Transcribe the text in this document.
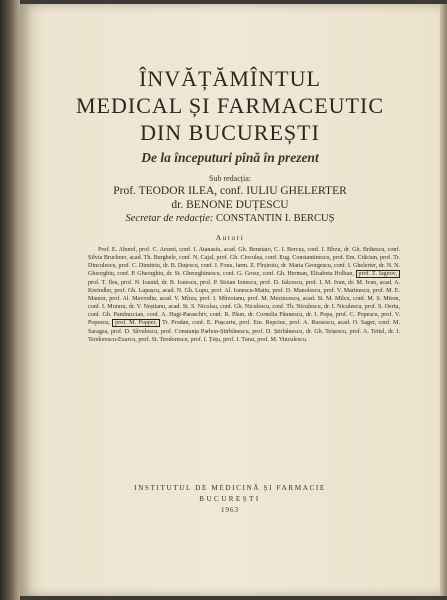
ÎNVĂȚĂMÎNTUL
MEDICAL ȘI FARMACEUTIC
DIN BUCUREȘTI
De la începuturi pînă în prezent
Sub redacția:
Prof. TEODOR ILEA, conf. IULIU GHELERTER
dr. BENONE DUȚESCU
Secretar de redacție: CONSTANTIN I. BERCUȘ
Autori
Prof. E. Aburel, prof. C. Arseni, conf. I. Atanasiu, acad. Gh. Benetato, C. I. Bercuș, conf. I. Bîrzu, dr. Gh. Brătescu, conf. Silvia Bruckner, acad. Th. Burghele, conf. N. Cajal, prof. Gh. Cioculea, conf. Eug. Constantinescu, prof. Em. Crăciun, prof. Tr. Dinculescu, prof. C. Dimitriu, dr. B. Duțescu, conf. I. Fonu, farm. Z. Fîrșirotu, dr. Maria Georgescu, conf. I. Ghelerter, dr. N. N. Gheorghiu, conf. P. Gheorghiu, dr. St. Gheorghinescu, conf. G. Grosz, conf. Gh. Herman, Elisabeta Holban, prof. Z. Iagnov, prof. T. Ilea, prof. N. Ioanid, dr. B. Ionescu, prof. P. Stoian Ionescu, prof. D. Isăcescu, prof. I. M. Ivan, dr. M. Ivan, acad. A. Kreindler, prof. Gh. Lupașcu, acad. N. Gh. Lupu, prof. Al. Ionescu-Matiu, prof. D. Manolescu, prof. V. Marinescu, prof. M. E. Maurer, prof. Al. Mavrodin, acad. V. Mîrza, prof. I. Mîrzoianu, prof. M. Mezincescu, acad. St. M. Milcu, conf. M. S. Miron, conf. I. Moraru, dr. V. Neștianu, acad. St. S. Nicolau, conf. Gh. Niculescu, conf. Th. Niculescu, dr. I. Niculescu, prof. S. Oeriu, conf. Gh. Pambuccian, conf. A. Hagi-Paraschiv, conf. R. Păun, dr. Cornelia Păunescu, dr. I. Popa, prof. C. Popescu, prof. V. Popescu, prof. M. Popper, Tr. Prodan, conf. E. Pușcariu, prof. Em. Repciuc, prof. A. Russescu, acad. O. Sager, conf. M. Saragea, prof. D. Săvulescu, prof. Constanța Parhon-Știrbănescu, prof. D. Știrbănescu, dr. Gh. Teișescu, prof. A. Teitel, dr. I. Teodorescu-Exarcu, prof. St. Teodorescu, prof. I. Țețu, prof. I. Turai, prof. M. Vinculescu.
INSTITUTUL DE MEDICINĂ ȘI FARMACIE
BUCUREȘTI
1963
